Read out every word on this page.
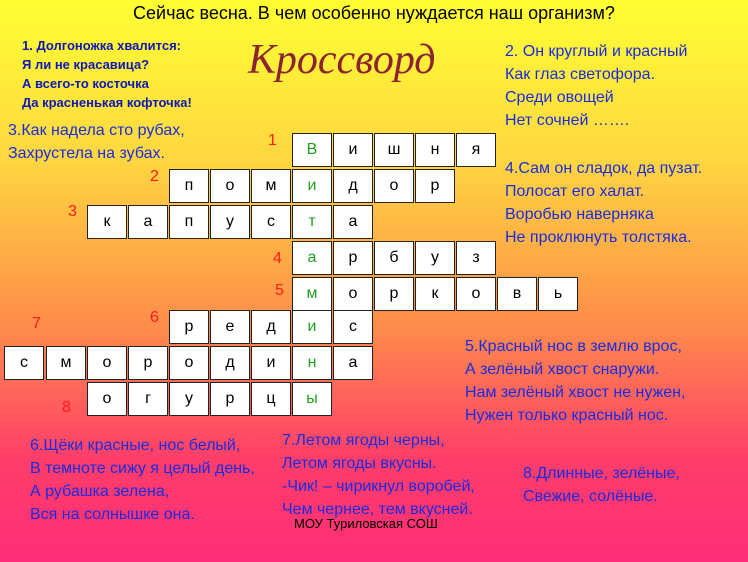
Сейчас весна. В чем особенно нуждается наш организм?
Кроссворд
1. Долгоножка хвалится:
Я ли не красавица?
А всего-то косточка
Да красненькая кофточка!
2. Он круглый и красный
Как глаз светофора.
Среди овощей
Нет сочней …….
3.Как надела сто рубах,
Захрустела на зубах.
4.Сам он сладок, да пузат.
Полосат его халат.
Воробью наверняка
Не проклюнуть толстяка.
5.Красный нос в землю врос,
А зелёный хвост снаружи.
Нам зелёный хвост не нужен,
Нужен только красный нос.
6.Щёки красные, нос белый,
В темноте сижу я целый день,
А рубашка зелена,
Вся на солнышке она.
7.Летом ягоды черны,
Летом ягоды вкусны.
-Чик! – чирикнул воробей,
Чем чернее, тем вкусней.
8.Длинные, зелёные,
Свежие, солёные.
1
2
3
4
5
6
7
8
В	и	ш	н	я
п	о	м	и	д	о	р
к	а	п	у	с	т	а
а	р	б	у	з
м	о	р	к	о	в	ь
р	е	д	и	с
с	м	о	р	о	д	и	н	а
о	г	у	р	ц	ы
МОУ Туриловская СОШ
